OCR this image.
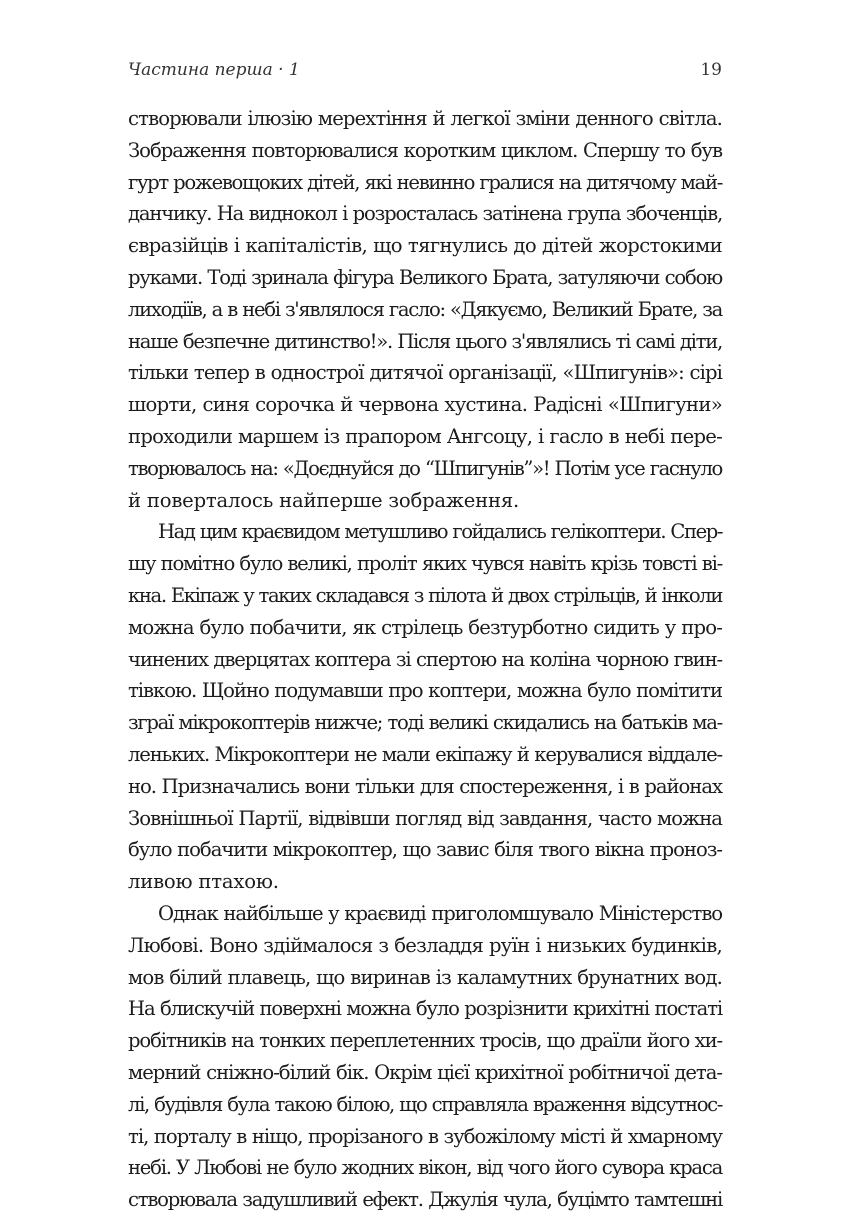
Частина перша · 1	19
створювали ілюзію мерехтіння й легкої зміни денного світла.
Зображення повторювалися коротким циклом. Спершу то був
гурт рожевощоких дітей, які невинно гралися на дитячому май-
данчику. На виднокол і розросталась затінена група збоченців,
євразійців і капіталістів, що тягнулись до дітей жорстокими
руками. Тоді зринала фігура Великого Брата, затуляючи собою
лиходіїв, а в небі з'являлося гасло: «Дякуємо, Великий Брате, за
наше безпечне дитинство!». Після цього з'являлись ті самі діти,
тільки тепер в однострої дитячої організації, «Шпигунів»: сірі
шорти, синя сорочка й червона хустина. Радісні «Шпигуни»
проходили маршем із прапором Ангсоцу, і гасло в небі пере-
творювалось на: «Доєднуйся до “Шпигунів”»! Потім усе гаснуло
й поверталось найперше зображення.
Над цим краєвидом метушливо гойдались гелікоптери. Спер-
шу помітно було великі, проліт яких чувся навіть крізь товсті ві-
кна. Екіпаж у таких складався з пілота й двох стрільців, й інколи
можна було побачити, як стрілець безтурботно сидить у про-
чинених дверцятах коптера зі спертою на коліна чорною гвин-
тівкою. Щойно подумавши про коптери, можна було помітити
зграї мікрокоптерів нижче; тоді великі скидались на батьків ма-
леньких. Мікрокоптери не мали екіпажу й керувалися віддале-
но. Призначались вони тільки для спостереження, і в районах
Зовнішньої Партії, відвівши погляд від завдання, часто можна
було побачити мікрокоптер, що завис біля твого вікна пронoз-
ливою птахою.
Однак найбільше у краєвиді приголомшувало Міністерство
Любові. Воно здіймалося з безладдя руїн і низьких будинків,
мов білий плавець, що виринав із каламутних брунатних вод.
На блискучій поверхні можна було розрізнити крихітні постаті
робітників на тонких переплетенних тросів, що драїли його хи-
мерний сніжно-білий бік. Окрім цієї крихітної робітничої дета-
лі, будівля була такою білою, що справляла враження відсутнос-
ті, порталу в ніщо, прорізаного в зубожілому місті й хмарному
небі. У Любові не було жодних вікон, від чого його сувора краса
створювала задушливий ефект. Джулія чула, буцімто тамтешні
